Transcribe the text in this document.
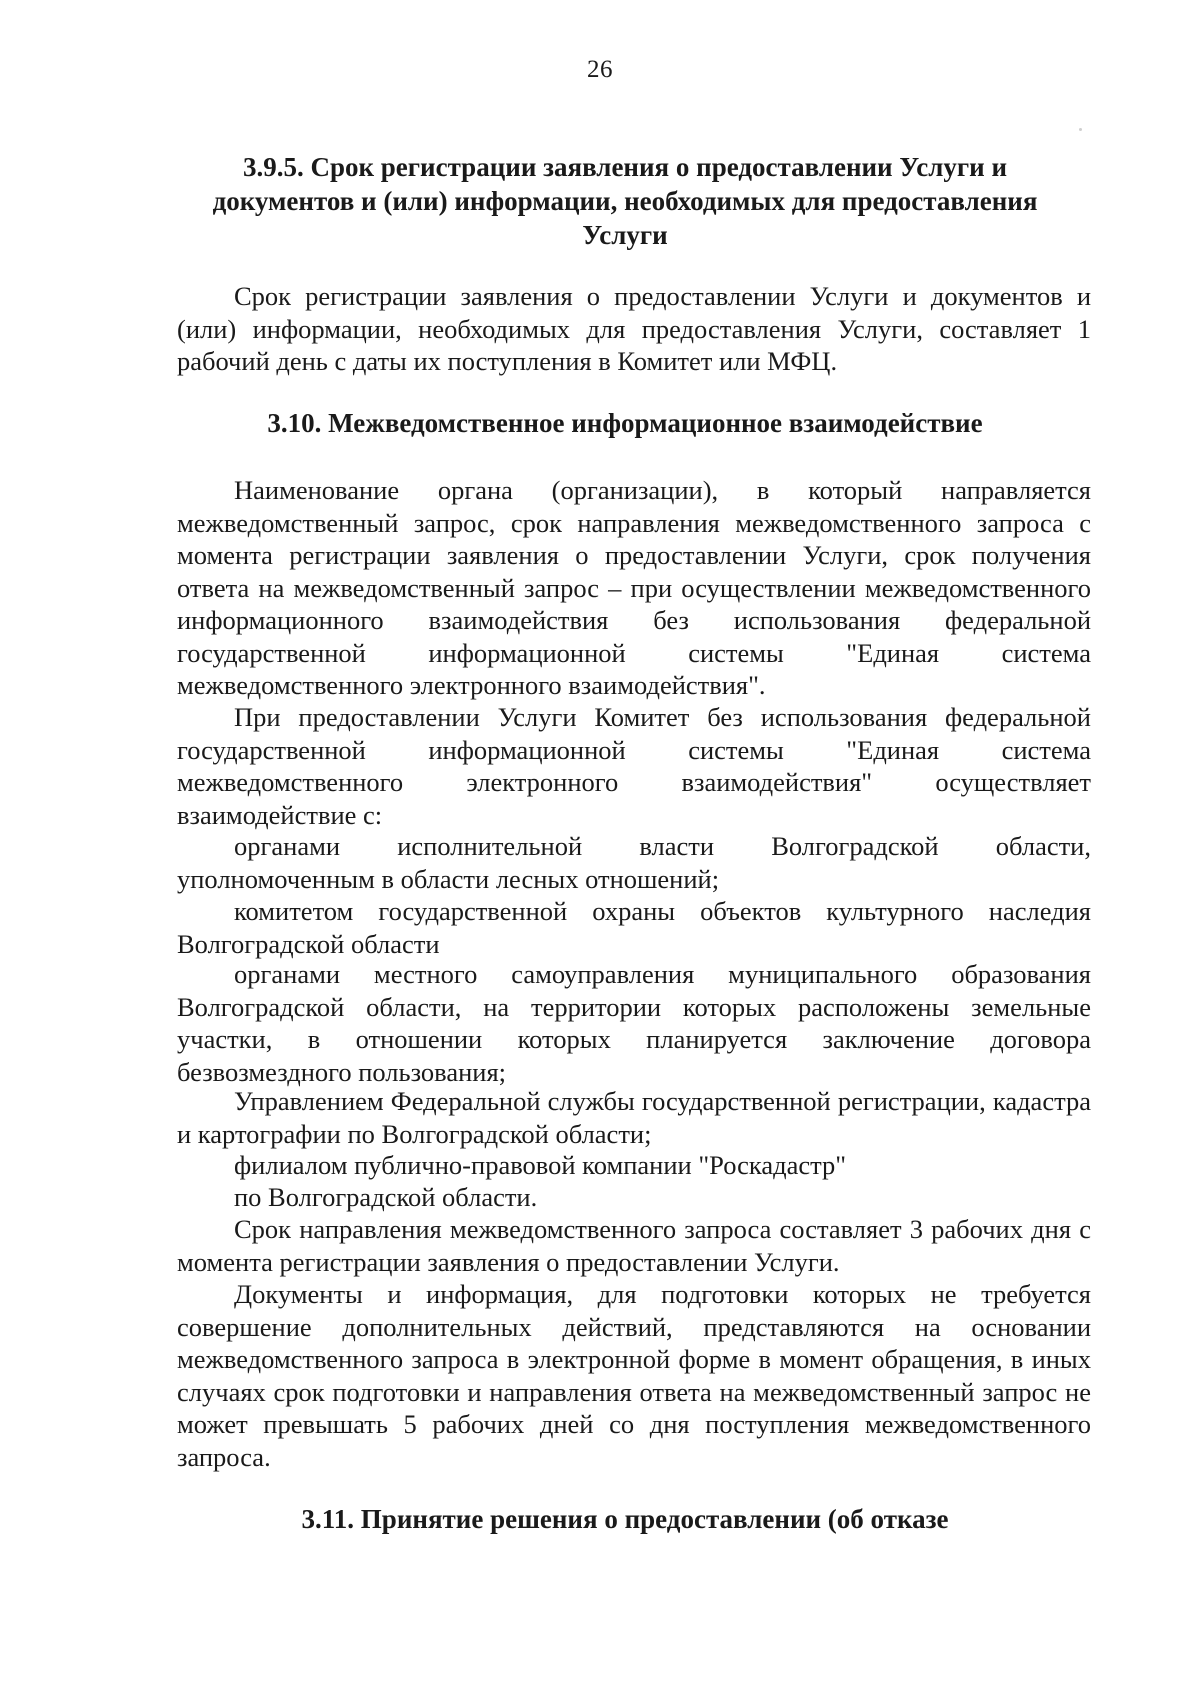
26
3.9.5. Срок регистрации заявления о предоставлении Услуги и документов и (или) информации, необходимых для предоставления Услуги

Срок регистрации заявления о предоставлении Услуги и документов и (или) информации, необходимых для предоставления Услуги, составляет 1 рабочий день с даты их поступления в Комитет или МФЦ.

3.10. Межведомственное информационное взаимодействие

Наименование органа (организации), в который направляется межведомственный запрос, срок направления межведомственного запроса с момента регистрации заявления о предоставлении Услуги, срок получения ответа на межведомственный запрос – при осуществлении межведомственного информационного взаимодействия без использования федеральной государственной информационной системы "Единая система межведомственного электронного взаимодействия".

При предоставлении Услуги Комитет без использования федеральной государственной информационной системы "Единая система межведомственного электронного взаимодействия" осуществляет взаимодействие с:

органами исполнительной власти Волгоградской области, уполномоченным в области лесных отношений;

комитетом государственной охраны объектов культурного наследия Волгоградской области

органами местного самоуправления муниципального образования Волгоградской области, на территории которых расположены земельные участки, в отношении которых планируется заключение договора безвозмездного пользования;

Управлением Федеральной службы государственной регистрации, кадастра и картографии по Волгоградской области;

филиалом публично-правовой компании "Роскадастр"

по Волгоградской области.

Срок направления межведомственного запроса составляет 3 рабочих дня с момента регистрации заявления о предоставлении Услуги.

Документы и информация, для подготовки которых не требуется совершение дополнительных действий, представляются на основании межведомственного запроса в электронной форме в момент обращения, в иных случаях срок подготовки и направления ответа на межведомственный запрос не может превышать 5 рабочих дней со дня поступления межведомственного запроса.

3.11. Принятие решения о предоставлении (об отказе
